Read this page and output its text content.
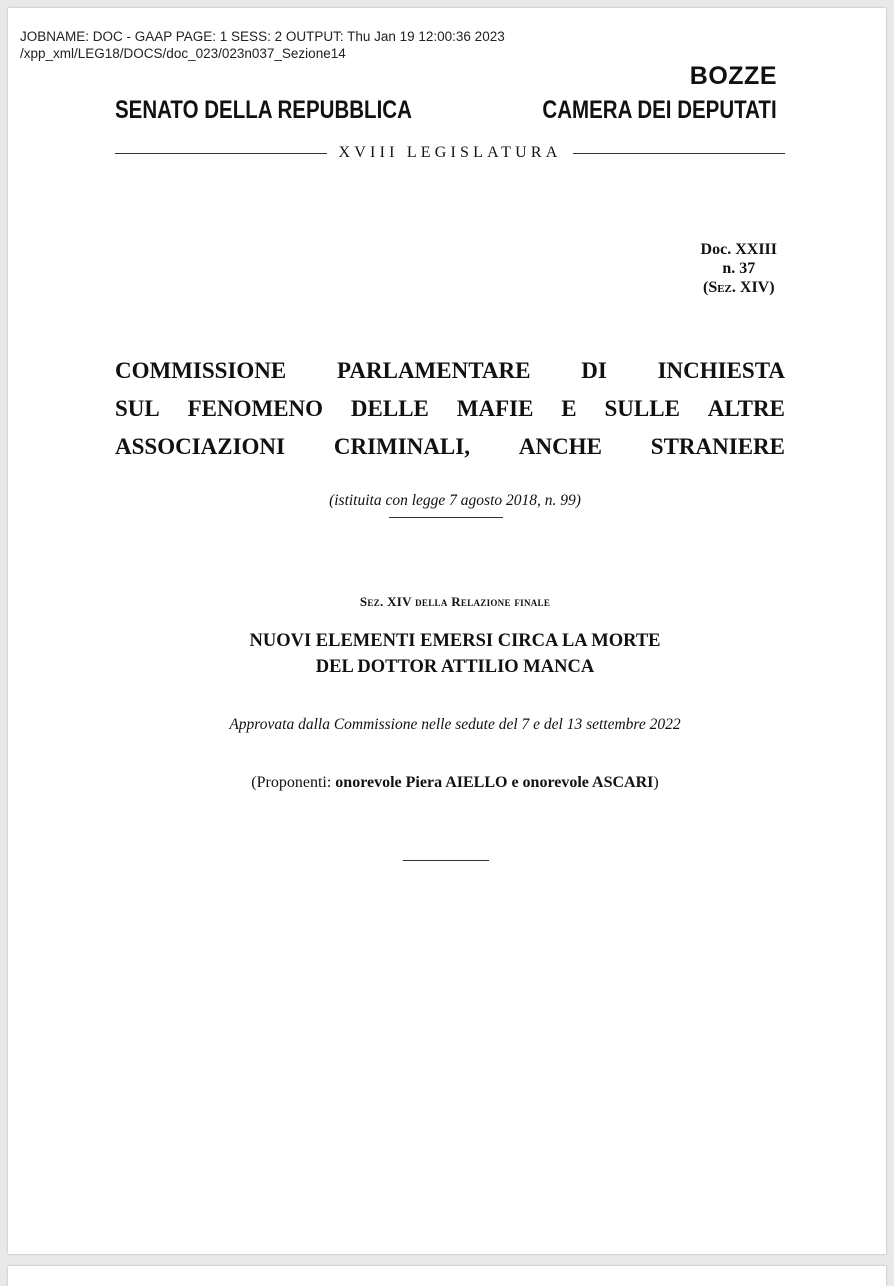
JOBNAME: DOC - GAAP PAGE: 1 SESS: 2 OUTPUT: Thu Jan 19 12:00:36 2023
/xpp_xml/LEG18/DOCS/doc_023/023n037_Sezione14
BOZZE
SENATO DELLA REPUBBLICA	CAMERA DEI DEPUTATI
XVIII LEGISLATURA
Doc. XXIII
n. 37
(Sez. XIV)
COMMISSIONE PARLAMENTARE DI INCHIESTA
SUL FENOMENO DELLE MAFIE E SULLE ALTRE
ASSOCIAZIONI CRIMINALI, ANCHE STRANIERE
(istituita con legge 7 agosto 2018, n. 99)
Sez. XIV della Relazione finale
NUOVI ELEMENTI EMERSI CIRCA LA MORTE
DEL DOTTOR ATTILIO MANCA
Approvata dalla Commissione nelle sedute del 7 e del 13 settembre 2022
(Proponenti: onorevole Piera AIELLO e onorevole ASCARI)
